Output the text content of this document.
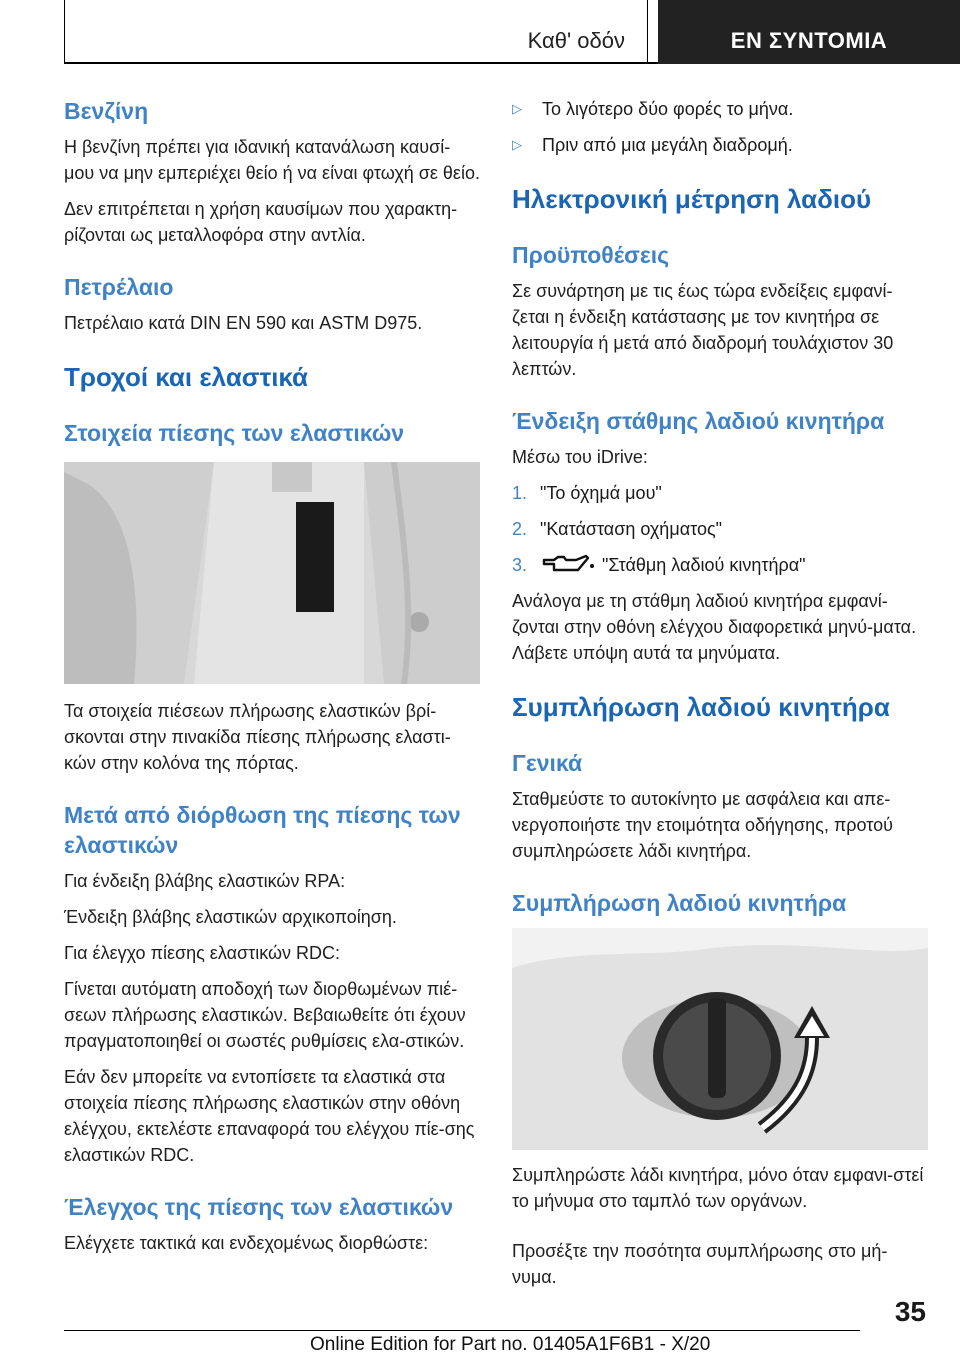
Καθ' οδόν	ΕΝ ΣΥΝΤΟΜΙΑ
Βενζίνη

Η βενζίνη πρέπει για ιδανική κατανάλωση καυσί-μου να μην εμπεριέχει θείο ή να είναι φτωχή σε θείο.

Δεν επιτρέπεται η χρήση καυσίμων που χαρακτη-ρίζονται ως μεταλλοφόρα στην αντλία.

Πετρέλαιο

Πετρέλαιο κατά DIN EN 590 και ASTM D975.

Τροχοί και ελαστικά
Στοιχεία πίεσης των ελαστικών

Τα στοιχεία πιέσεων πλήρωσης ελαστικών βρί-σκονται στην πινακίδα πίεσης πλήρωσης ελαστι-κών στην κολόνα της πόρτας.

Μετά από διόρθωση της πίεσης των ελαστικών

Για ένδειξη βλάβης ελαστικών RPA:

Ένδειξη βλάβης ελαστικών αρχικοποίηση.

Για έλεγχο πίεσης ελαστικών RDC:

Γίνεται αυτόματη αποδοχή των διορθωμένων πιέ-σεων πλήρωσης ελαστικών. Βεβαιωθείτε ότι έχουν πραγματοποιηθεί οι σωστές ρυθμίσεις ελα-στικών.

Εάν δεν μπορείτε να εντοπίσετε τα ελαστικά στα στοιχεία πίεσης πλήρωσης ελαστικών στην οθόνη ελέγχου, εκτελέστε επαναφορά του ελέγχου πίε-σης ελαστικών RDC.

Έλεγχος της πίεσης των ελαστικών

Ελέγχετε τακτικά και ενδεχομένως διορθώστε:

▷	Το λιγότερο δύο φορές το μήνα.
▷	Πριν από μια μεγάλη διαδρομή.
Ηλεκτρονική μέτρηση λαδιού
Προϋποθέσεις

Σε συνάρτηση με τις έως τώρα ενδείξεις εμφανί-ζεται η ένδειξη κατάστασης με τον κινητήρα σε λειτουργία ή μετά από διαδρομή τουλάχιστον 30 λεπτών.

Ένδειξη στάθμης λαδιού κινητήρα

Μέσω του iDrive:

1. "Το όχημά μου"
2. "Κατάσταση οχήματος"
3.	"Στάθμη λαδιού κινητήρα"

Ανάλογα με τη στάθμη λαδιού κινητήρα εμφανί-ζονται στην οθόνη ελέγχου διαφορετικά μηνύ-ματα. Λάβετε υπόψη αυτά τα μηνύματα.

Συμπλήρωση λαδιού κινητήρα
Γενικά

Σταθμεύστε το αυτοκίνητο με ασφάλεια και απε-νεργοποιήστε την ετοιμότητα οδήγησης, προτού συμπληρώσετε λάδι κινητήρα.

Συμπλήρωση λαδιού κινητήρα

Συμπληρώστε λάδι κινητήρα, μόνο όταν εμφανι-στεί το μήνυμα στο ταμπλό των οργάνων.

Προσέξτε την ποσότητα συμπλήρωσης στο μή-νυμα.

35
Online Edition for Part no. 01405A1F6B1 - X/20
